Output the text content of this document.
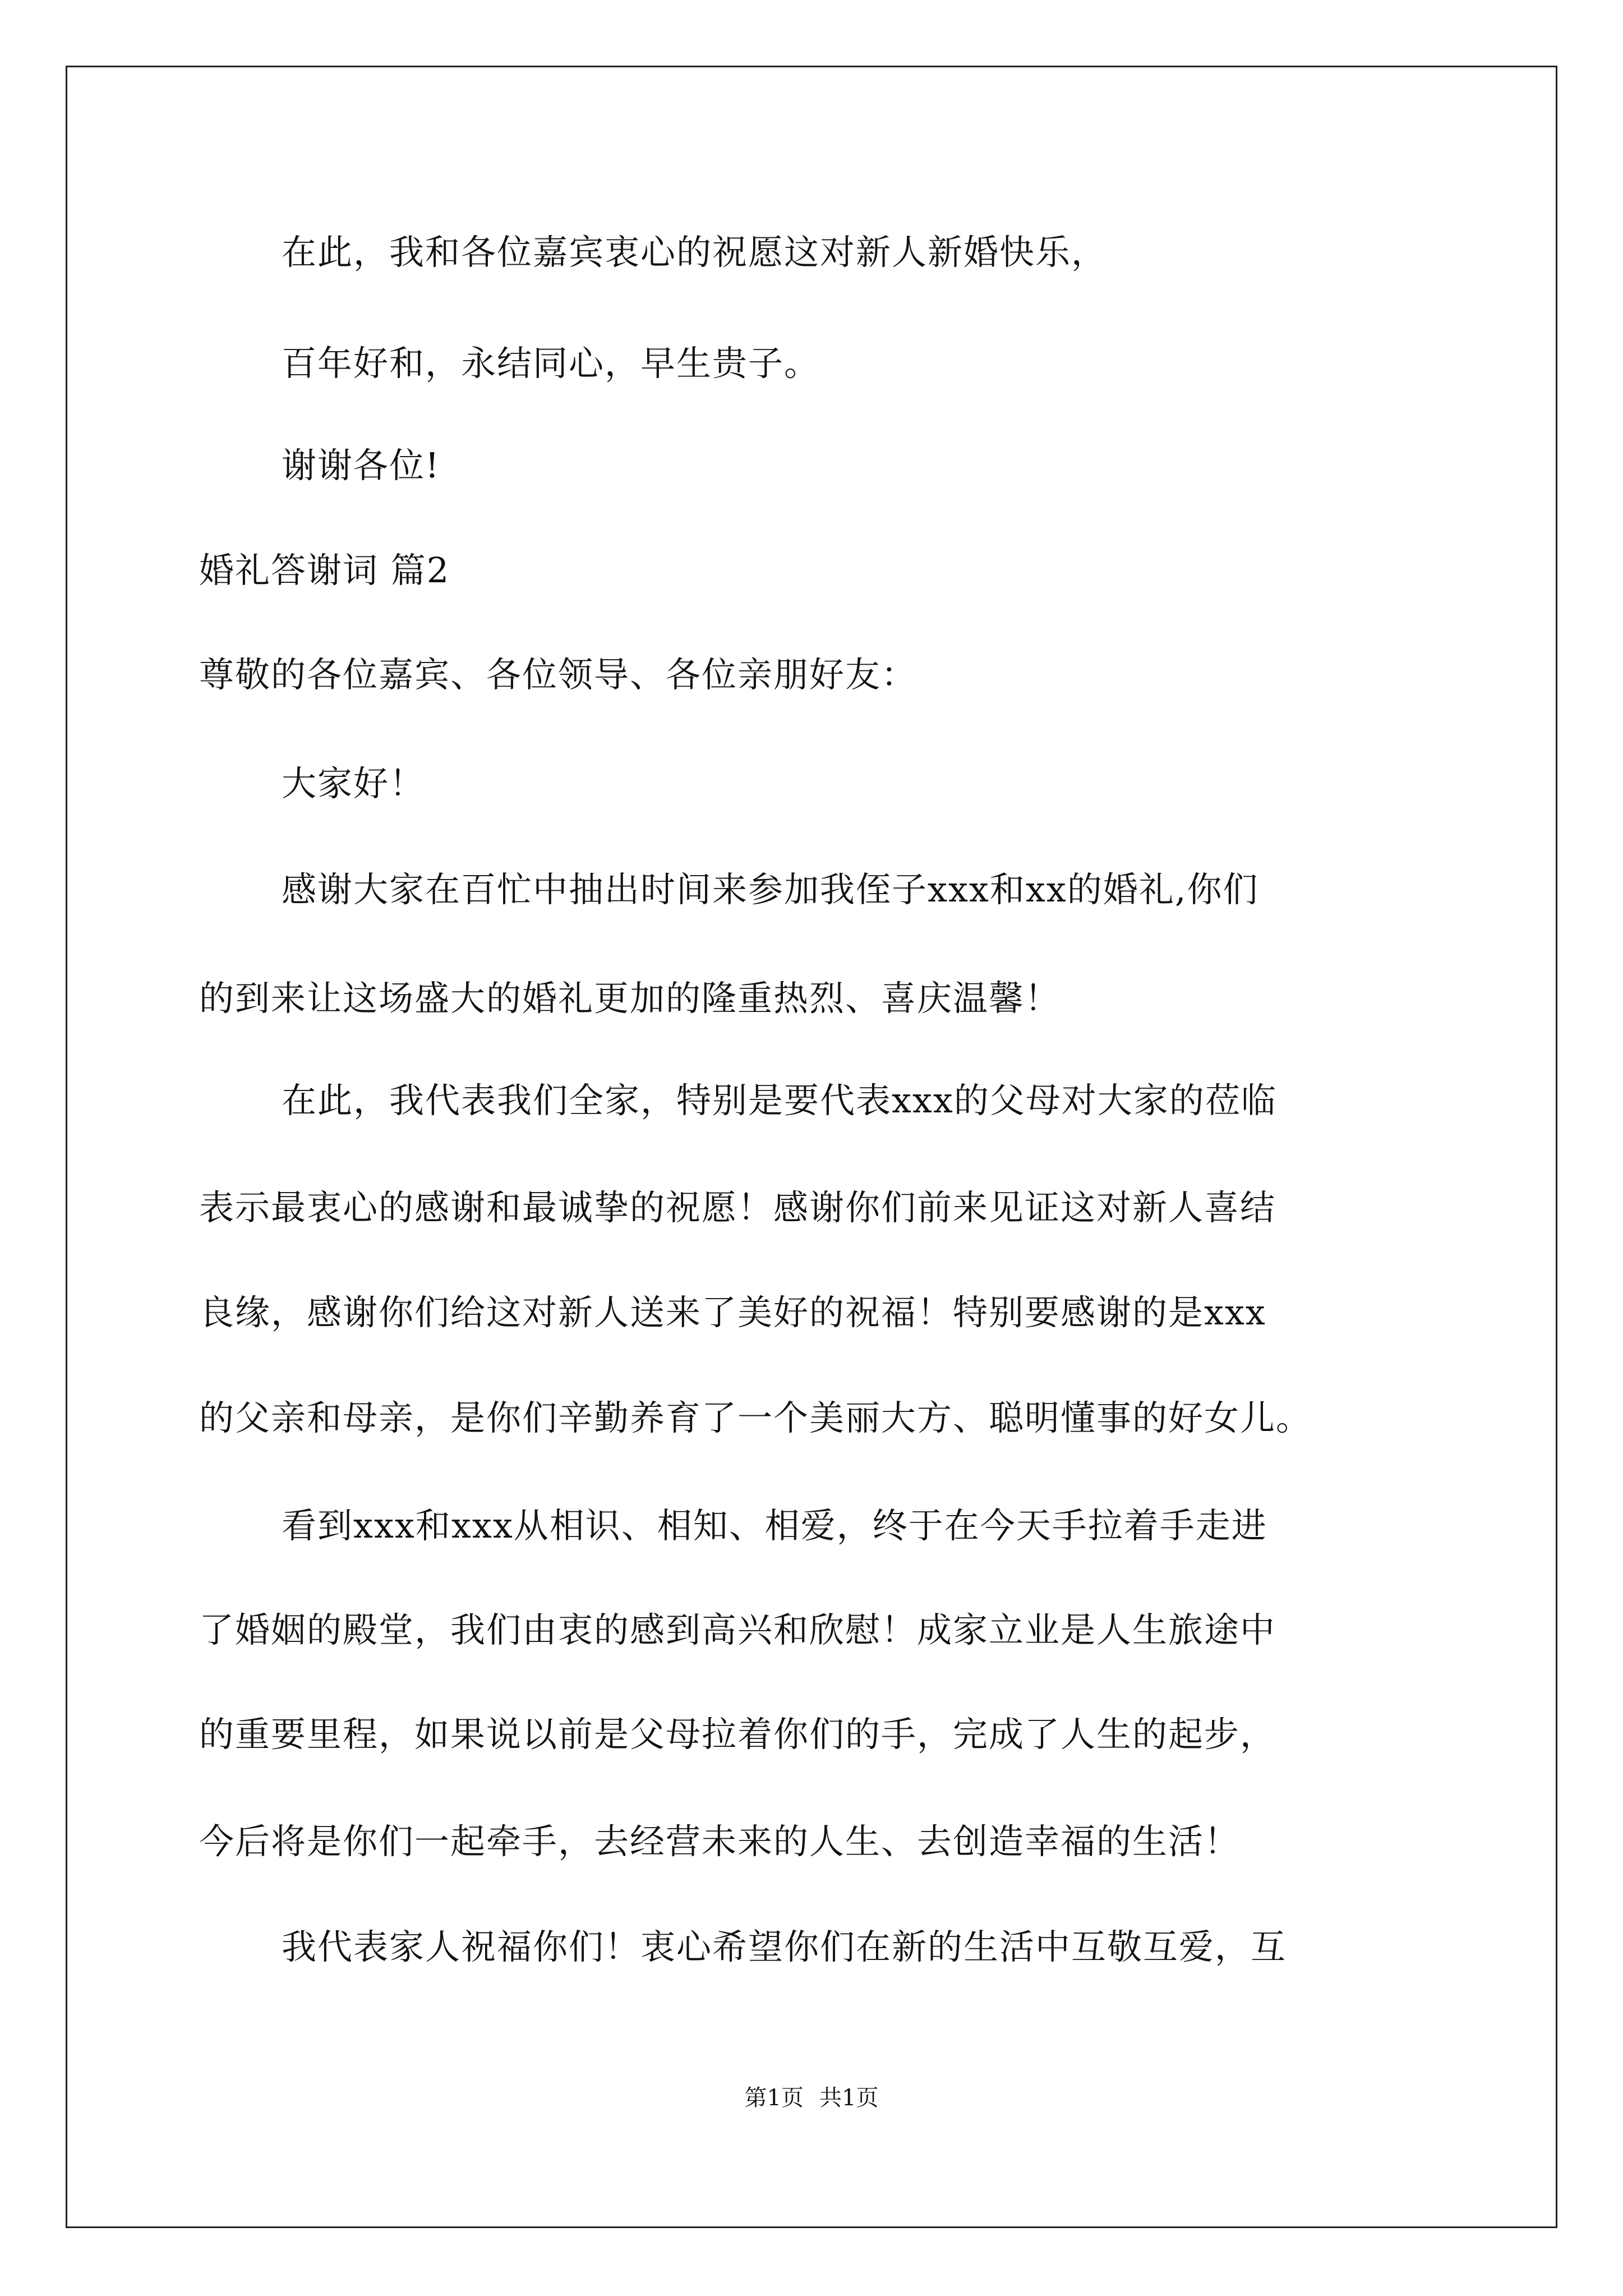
在此，我和各位嘉宾衷心的祝愿这对新人新婚快乐，
百年好和，永结同心，早生贵子。
谢谢各位!
婚礼答谢词 篇2
尊敬的各位嘉宾、各位领导、各位亲朋好友：
大家好！
感谢大家在百忙中抽出时间来参加我侄子xxx和xx的婚礼,你们
的到来让这场盛大的婚礼更加的隆重热烈、喜庆温馨！
在此，我代表我们全家，特别是要代表xxx的父母对大家的莅临
表示最衷心的感谢和最诚挚的祝愿！感谢你们前来见证这对新人喜结
良缘，感谢你们给这对新人送来了美好的祝福！特别要感谢的是xxx
的父亲和母亲，是你们辛勤养育了一个美丽大方、聪明懂事的好女儿。
看到xxx和xxx从相识、相知、相爱，终于在今天手拉着手走进
了婚姻的殿堂，我们由衷的感到高兴和欣慰！成家立业是人生旅途中
的重要里程，如果说以前是父母拉着你们的手，完成了人生的起步，
今后将是你们一起牵手，去经营未来的人生、去创造幸福的生活！
我代表家人祝福你们！衷心希望你们在新的生活中互敬互爱，互
第1页 共1页
